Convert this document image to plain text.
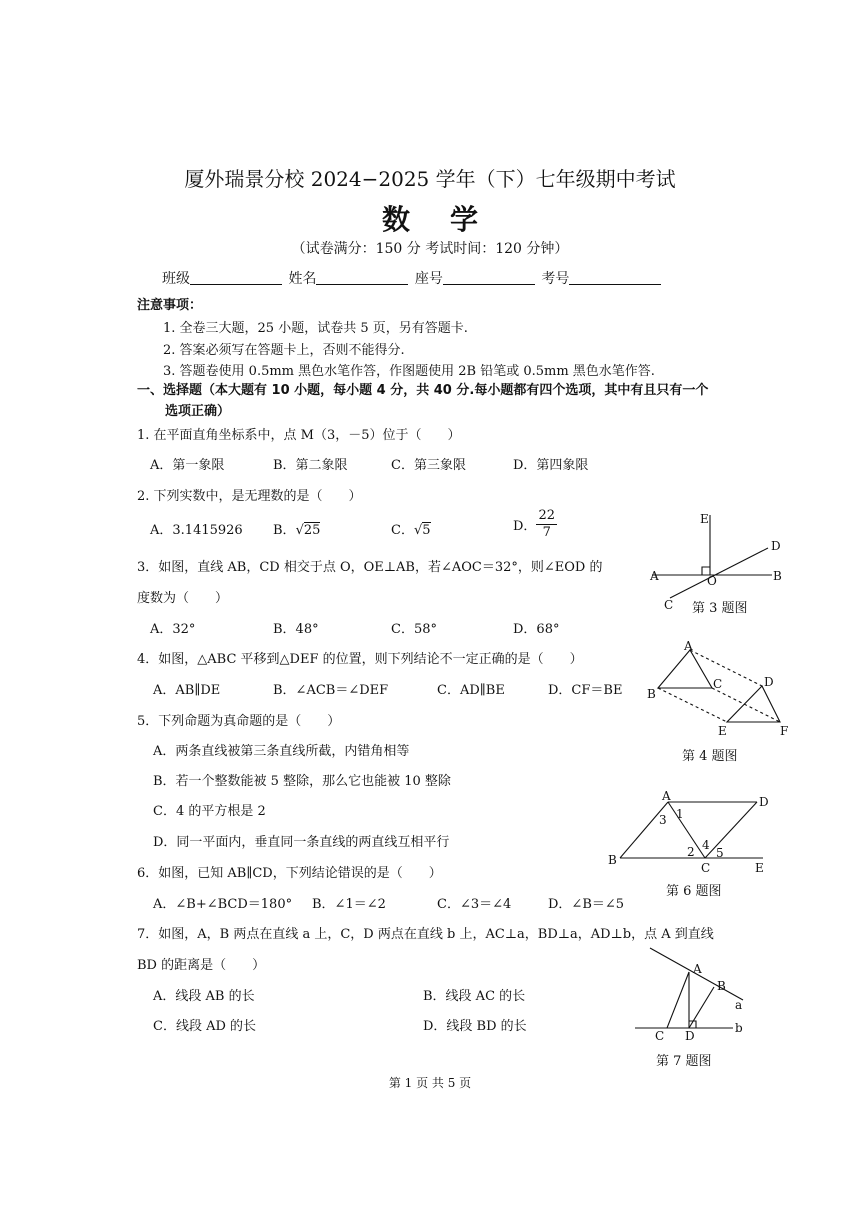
厦外瑞景分校 2024−2025 学年（下）七年级期中考试
数学
（试卷满分：150 分 考试时间：120 分钟）
班级	姓名	座号	考号
注意事项：
1. 全卷三大题，25 小题，试卷共 5 页，另有答题卡.
2. 答案必须写在答题卡上，否则不能得分.
3. 答题卷使用 0.5mm 黑色水笔作答，作图题使用 2B 铅笔或 0.5mm 黑色水笔作答.
一、选择题（本大题有 10 小题，每小题 4 分，共 40 分.每小题都有四个选项，其中有且只有一个
选项正确）
1. 在平面直角坐标系中，点 M（3，－5）位于（　　）
A．第一象限	B．第二象限	C．第三象限	D．第四象限
2. 下列实数中，是无理数的是（　　）
A．3.1415926 B．√25	C．√5	D． $\frac{22}{7}$
3．如图，直线 AB，CD 相交于点 O，OE⊥AB，若∠AOC＝32°，则∠EOD 的
度数为（　　）
A．32°	B．48°	C．58°	D．68°
4．如图，△ABC 平移到△DEF 的位置，则下列结论不一定正确的是（　　）
A．AB∥DE	B．∠ACB＝∠DEF	C．AD∥BE	D．CF＝BE
5．下列命题为真命题的是（　　）
A．两条直线被第三条直线所截，内错角相等
B．若一个整数能被 5 整除，那么它也能被 10 整除
C．4 的平方根是 2
D．同一平面内，垂直同一条直线的两直线互相平行
6．如图，已知 AB∥CD，下列结论错误的是（　　）
A．∠B+∠BCD＝180° B．∠1＝∠2	C．∠3＝∠4	D．∠B＝∠5
7．如图，A，B 两点在直线 a 上，C，D 两点在直线 b 上，AC⊥a，BD⊥a，AD⊥b，点 A 到直线
BD 的距离是（　　）
A．线段 AB 的长	B．线段 AC 的长
C．线段 AD 的长	D．线段 BD 的长
E
D
A	O	B
C 第 3 题图
A
C	D
B
E	F
第 4 题图
A	D
3 1
2 4
5
B
C	E
第 6 题图
A
B
a
C D
b
第 7 题图
第 1 页 共 5 页
